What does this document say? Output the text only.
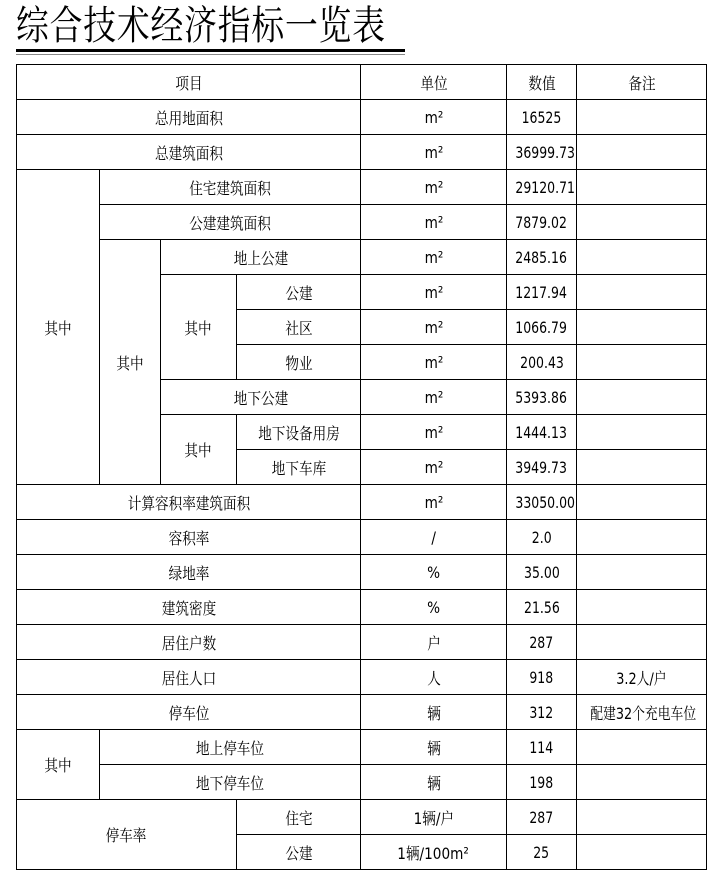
综合技术经济指标一览表
项目				单位	数值	备注
总用地面积				m²	16525	
总建筑面积				m²	36999.73	
其中	住宅建筑面积			m²	29120.71	
	公建建筑面积			m²	7879.02	
	其中	地上公建		m²	2485.16	
		其中	公建	m²	1217.94	
			社区	m²	1066.79	
			物业	m²	200.43	
		地下公建		m²	5393.86	
		其中	地下设备用房	m²	1444.13	
			地下车库	m²	3949.73	
计算容积率建筑面积				m²	33050.00	
容积率				/	2.0	
绿地率				%	35.00	
建筑密度				%	21.56	
居住户数				户	287	
居住人口				人	918	3.2人/户
停车位				辆	312	配建32个充电车位
其中	地上停车位			辆	114	
	地下停车位			辆	198	
停车率			住宅	1辆/户	287	
			公建	1辆/100m²	25	
